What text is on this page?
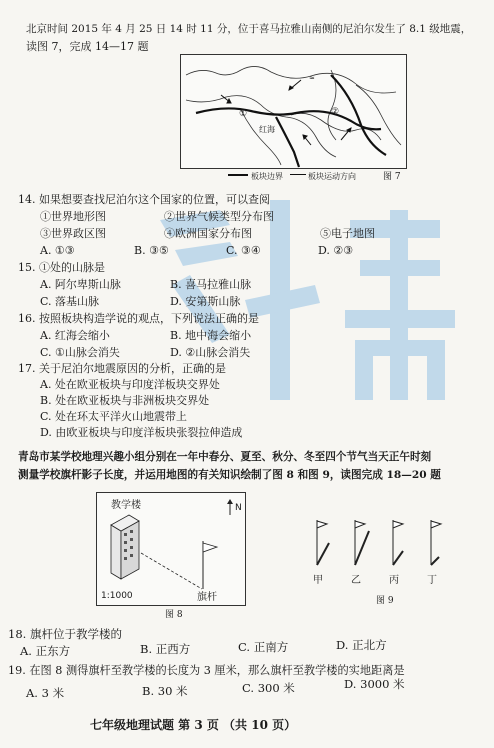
北京时间 2015 年 4 月 25 日 14 时 11 分，位于喜马拉雅山南侧的尼泊尔发生了 8.1 级地震，
读图 7，完成 14—17 题
≈
红海
①	②
板块边界	板块运动方向	图 7
14. 如果想要查找尼泊尔这个国家的位置，可以查阅
①世界地形图	②世界气候类型分布图
③世界政区图	④欧洲国家分布图	⑤电子地图
A. ①③	B. ③⑤	C. ③④	D. ②③
15. ①处的山脉是
A. 阿尔卑斯山脉	B. 喜马拉雅山脉
C. 落基山脉	D. 安第斯山脉
16. 按照板块构造学说的观点，下列说法正确的是
A. 红海会缩小	B. 地中海会缩小
C. ①山脉会消失	D. ②山脉会消失
17. 关于尼泊尔地震原因的分析，正确的是
A. 处在欧亚板块与印度洋板块交界处
B. 处在欧亚板块与非洲板块交界处
C. 处在环太平洋火山地震带上
D. 由欧亚板块与印度洋板块张裂拉伸造成
青岛市某学校地理兴趣小组分别在一年中春分、夏至、秋分、冬至四个节气当天正午时刻
测量学校旗杆影子长度，并运用地图的有关知识绘制了图 8 和图 9，读图完成 18—20 题
教学楼
旗杆
1:1000
N
图 8
甲	乙	丙	丁
图 9
18. 旗杆位于教学楼的
A. 正东方	B. 正西方	C. 正南方	D. 正北方
19. 在图 8 测得旗杆至教学楼的长度为 3 厘米，那么旗杆至教学楼的实地距离是
A. 3 米	B. 30 米	C. 300 米	D. 3000 米
七年级地理试题 第 3 页 （共 10 页）
